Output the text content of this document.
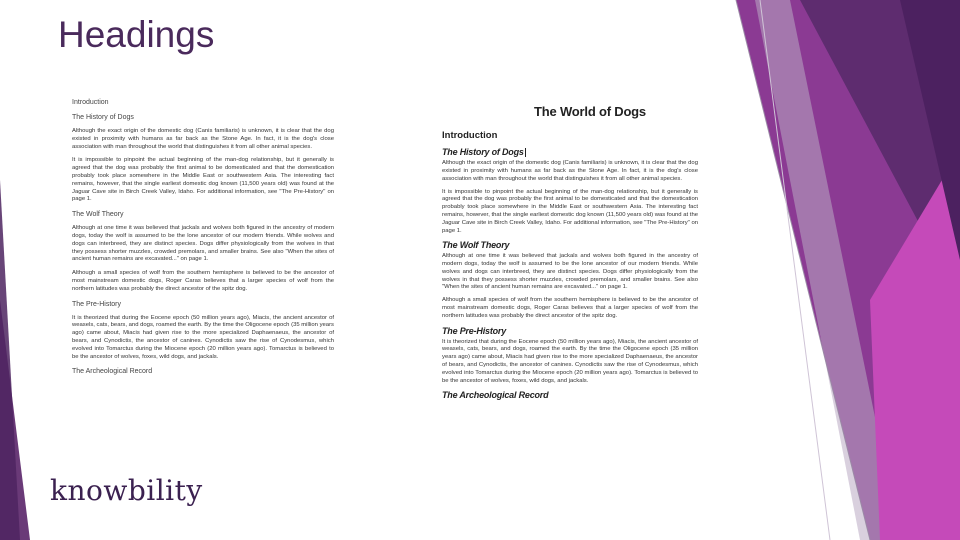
Headings
Introduction
The History of Dogs
Although the exact origin of the domestic dog (Canis familiaris) is unknown, it is clear that the dog existed in proximity with humans as far back as the Stone Age. In fact, it is the dog's close association with man throughout the world that distinguishes it from all other animal species.
It is impossible to pinpoint the actual beginning of the man-dog relationship, but it generally is agreed that the dog was probably the first animal to be domesticated and that the domestication probably took place somewhere in the Middle East or southwestern Asia. The interesting fact remains, however, that the single earliest domestic dog known (11,500 years old) was found at the Jaguar Cave site in Birch Creek Valley, Idaho. For additional information, see "The Pre-History" on page 1.
The Wolf Theory
Although at one time it was believed that jackals and wolves both figured in the ancestry of modern dogs, today the wolf is assumed to be the lone ancestor of our modern friends. While wolves and dogs can interbreed, they are distinct species. Dogs differ physiologically from the wolves in that they possess shorter muzzles, crowded premolars, and smaller brains. See also "When the sites of ancient human remains are excavated..." on page 1.
Although a small species of wolf from the southern hemisphere is believed to be the ancestor of most mainstream domestic dogs, Roger Caras believes that a larger species of wolf from the northern latitudes was probably the direct ancestor of the spitz dog.
The Pre-History
It is theorized that during the Eocene epoch (50 million years ago), Miacis, the ancient ancestor of weasels, cats, bears, and dogs, roamed the earth. By the time the Oligocene epoch (35 million years ago) came about, Miacis had given rise to the more specialized Daphaenaeus, the ancestor of bears, and Cynodictis, the ancestor of canines. Cynodictis saw the rise of Cynodesmus, which evolved into Tomarctus during the Miocene epoch (20 million years ago). Tomarctus is believed to be the ancestor of wolves, foxes, wild dogs, and jackals.
The Archeological Record
The World of Dogs
Introduction
The History of Dogs
Although the exact origin of the domestic dog (Canis familiaris) is unknown, it is clear that the dog existed in proximity with humans as far back as the Stone Age. In fact, it is the dog's close association with man throughout the world that distinguishes it from all other animal species.
It is impossible to pinpoint the actual beginning of the man-dog relationship, but it generally is agreed that the dog was probably the first animal to be domesticated and that the domestication probably took place somewhere in the Middle East or southwestern Asia. The interesting fact remains, however, that the single earliest domestic dog known (11,500 years old) was found at the Jaguar Cave site in Birch Creek Valley, Idaho. For additional information, see "The Pre-History" on page 1.
The Wolf Theory
Although at one time it was believed that jackals and wolves both figured in the ancestry of modern dogs, today the wolf is assumed to be the lone ancestor of our modern friends. While wolves and dogs can interbreed, they are distinct species. Dogs differ physiologically from the wolves in that they possess shorter muzzles, crowded premolars, and smaller brains. See also "When the sites of ancient human remains are excavated..." on page 1.
Although a small species of wolf from the southern hemisphere is believed to be the ancestor of most mainstream domestic dogs, Roger Caras believes that a larger species of wolf from the northern latitudes was probably the direct ancestor of the spitz dog.
The Pre-History
It is theorized that during the Eocene epoch (50 million years ago), Miacis, the ancient ancestor of weasels, cats, bears, and dogs, roamed the earth. By the time the Oligocene epoch (35 million years ago) came about, Miacis had given rise to the more specialized Daphaenaeus, the ancestor of bears, and Cynodictis, the ancestor of canines. Cynodictis saw the rise of Cynodesmus, which evolved into Tomarctus during the Miocene epoch (20 million years ago). Tomarctus is believed to be the ancestor of wolves, foxes, wild dogs, and jackals.
The Archeological Record
knowbility
